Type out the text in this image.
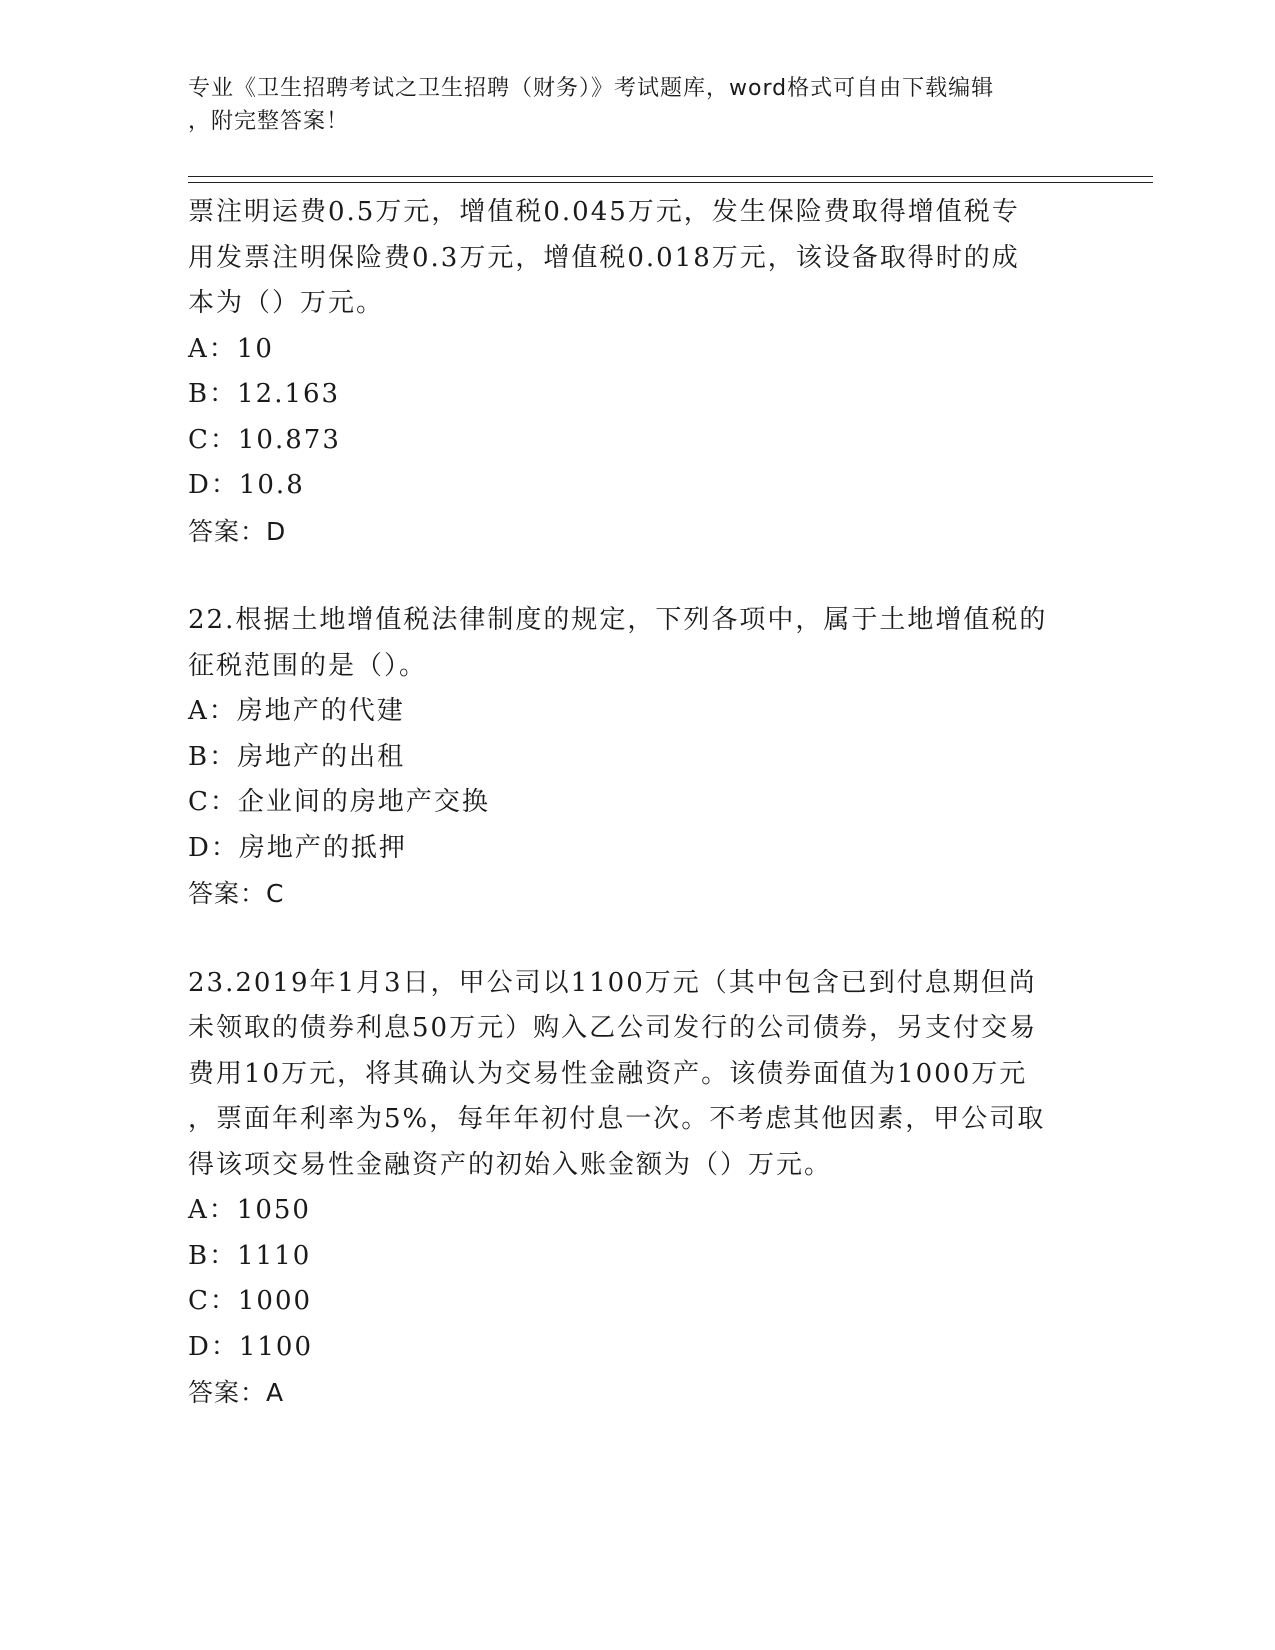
专业《卫生招聘考试之卫生招聘（财务）》考试题库，word格式可自由下载编辑
，附完整答案！
票注明运费0.5万元，增值税0.045万元，发生保险费取得增值税专
用发票注明保险费0.3万元，增值税0.018万元，该设备取得时的成
本为（）万元。
A：10
B：12.163
C：10.873
D：10.8
答案：D
22.根据土地增值税法律制度的规定，下列各项中，属于土地增值税的
征税范围的是（）。
A：房地产的代建
B：房地产的出租
C：企业间的房地产交换
D：房地产的抵押
答案：C
23.2019年1月3日，甲公司以1100万元（其中包含已到付息期但尚
未领取的债券利息50万元）购入乙公司发行的公司债券，另支付交易
费用10万元，将其确认为交易性金融资产。该债券面值为1000万元
，票面年利率为5%，每年年初付息一次。不考虑其他因素，甲公司取
得该项交易性金融资产的初始入账金额为（）万元。
A：1050
B：1110
C：1000
D：1100
答案：A
